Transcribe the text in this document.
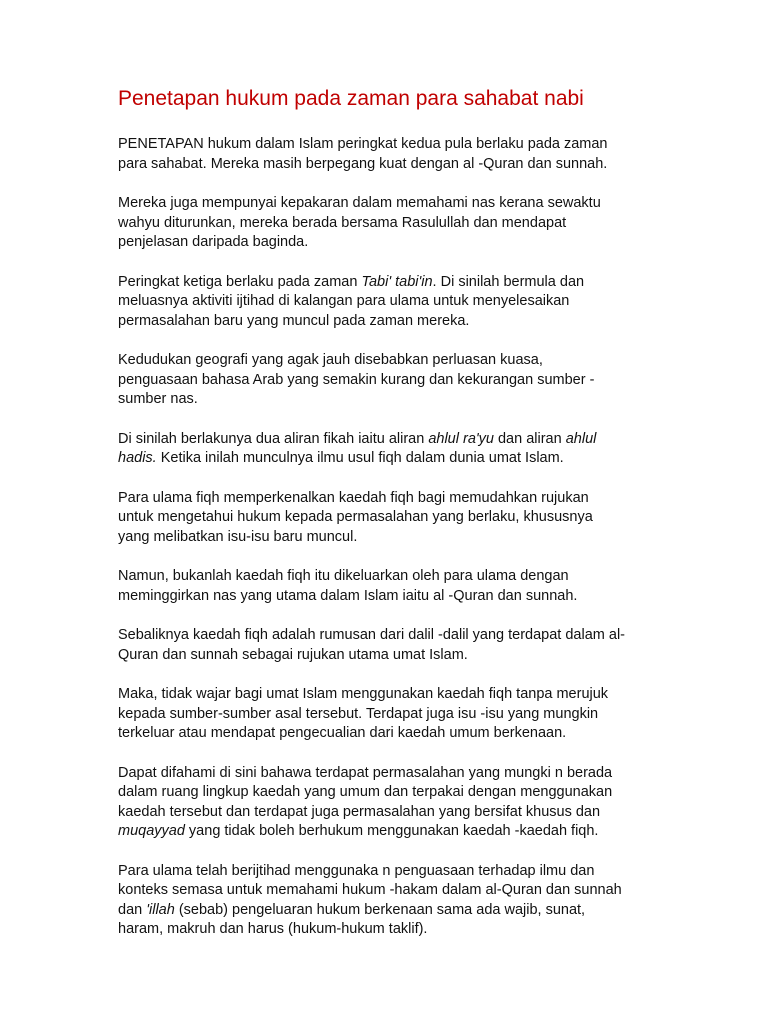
Penetapan hukum pada zaman para sahabat nabi

PENETAPAN hukum dalam Islam peringkat kedua pula berlaku pada zaman
para sahabat. Mereka masih berpegang kuat dengan al -Quran dan sunnah.

Mereka juga mempunyai kepakaran dalam memahami nas kerana sewaktu
wahyu diturunkan, mereka berada bersama Rasulullah dan mendapat
penjelasan daripada baginda.

Peringkat ketiga berlaku pada zaman Tabi' tabi'in. Di sinilah bermula dan
meluasnya aktiviti ijtihad di kalangan para ulama untuk menyelesaikan
permasalahan baru yang muncul pada zaman mereka.

Kedudukan geografi yang agak jauh disebabkan perluasan kuasa,
penguasaan bahasa Arab yang semakin kurang dan kekurangan sumber -
sumber nas.

Di sinilah berlakunya dua aliran fikah iaitu aliran ahlul ra'yu dan aliran ahlul
hadis. Ketika inilah munculnya ilmu usul fiqh dalam dunia umat Islam.

Para ulama fiqh memperkenalkan kaedah fiqh bagi memudahkan rujukan
untuk mengetahui hukum kepada permasalahan yang berlaku, khususnya
yang melibatkan isu-isu baru muncul.

Namun, bukanlah kaedah fiqh itu dikeluarkan oleh para ulama dengan
meminggirkan nas yang utama dalam Islam iaitu al -Quran dan sunnah.

Sebaliknya kaedah fiqh adalah rumusan dari dalil -dalil yang terdapat dalam al-
Quran dan sunnah sebagai rujukan utama umat Islam.

Maka, tidak wajar bagi umat Islam menggunakan kaedah fiqh tanpa merujuk
kepada sumber-sumber asal tersebut. Terdapat juga isu -isu yang mungkin
terkeluar atau mendapat pengecualian dari kaedah umum berkenaan.

Dapat difahami di sini bahawa terdapat permasalahan yang mungki n berada
dalam ruang lingkup kaedah yang umum dan terpakai dengan menggunakan
kaedah tersebut dan terdapat juga permasalahan yang bersifat khusus dan
muqayyad yang tidak boleh berhukum menggunakan kaedah -kaedah fiqh.

Para ulama telah berijtihad menggunaka n penguasaan terhadap ilmu dan
konteks semasa untuk memahami hukum -hakam dalam al-Quran dan sunnah
dan 'illah (sebab) pengeluaran hukum berkenaan sama ada wajib, sunat,
haram, makruh dan harus (hukum-hukum taklif).
